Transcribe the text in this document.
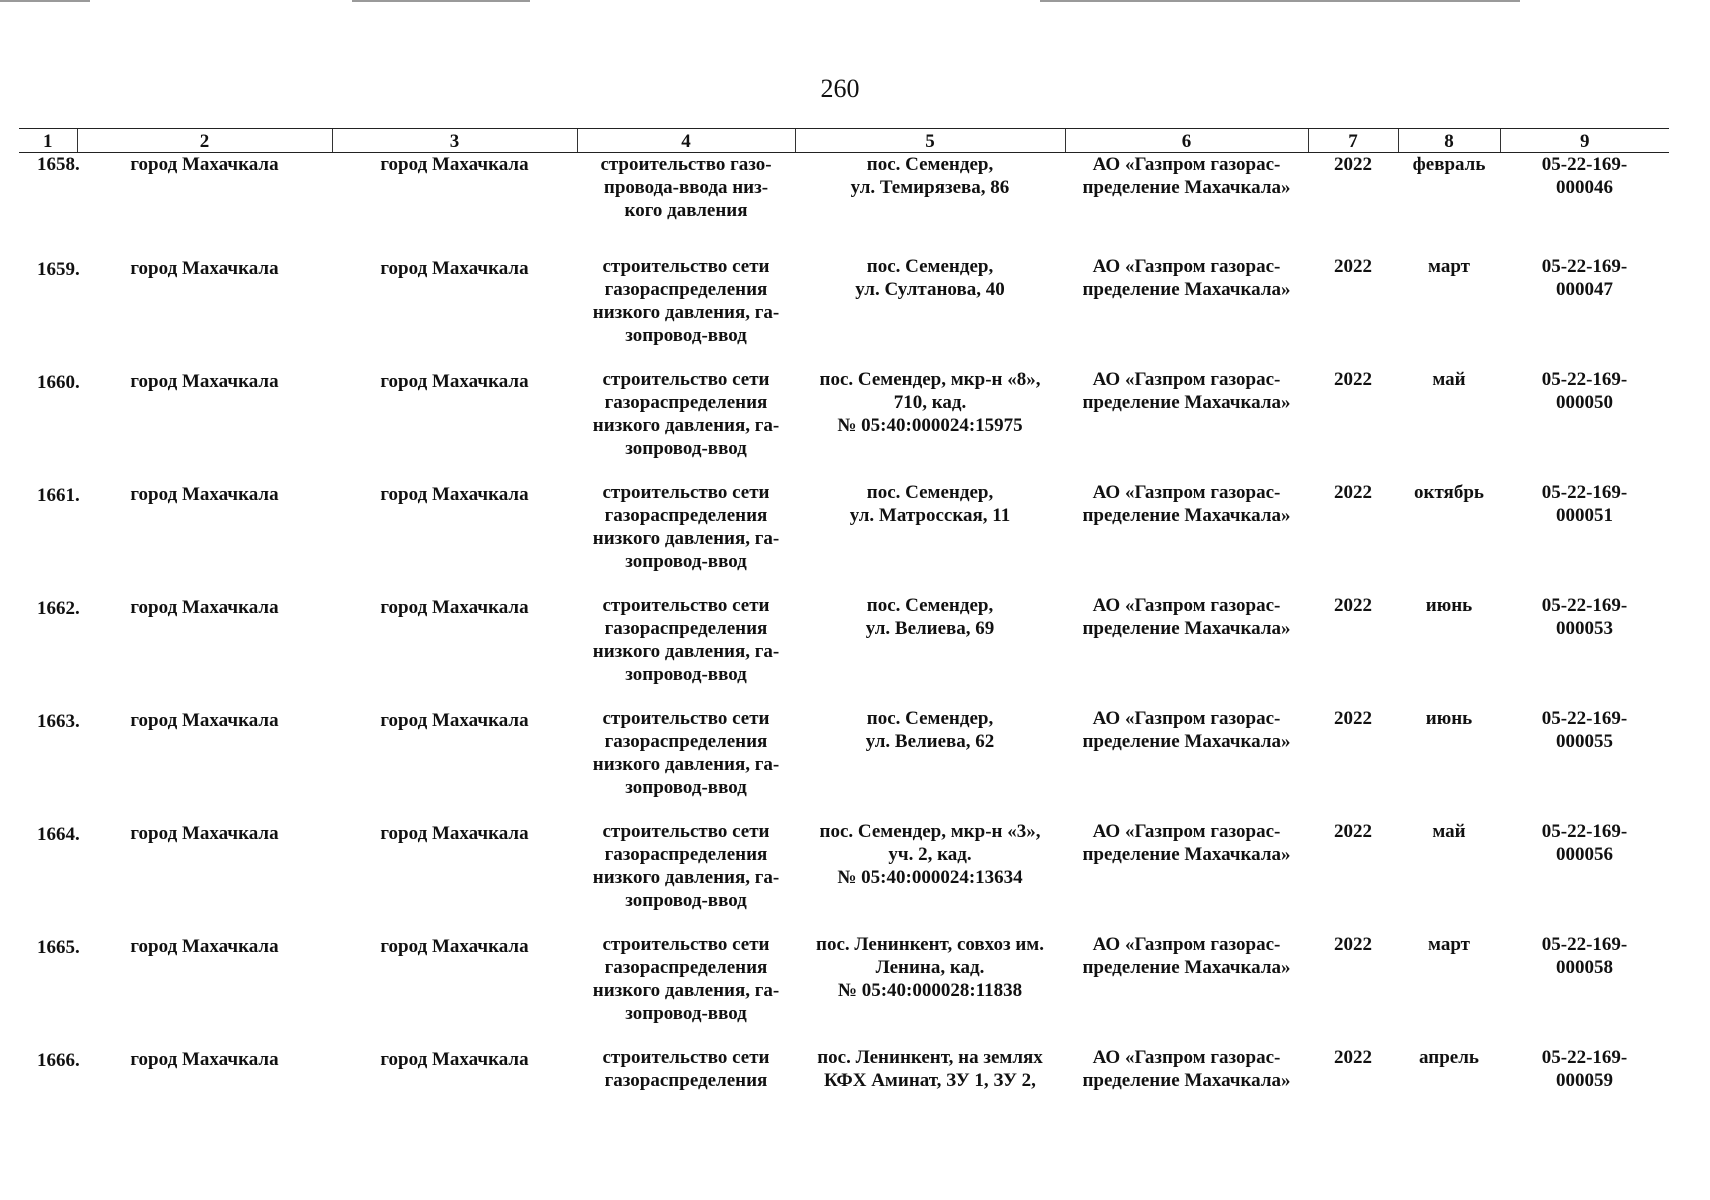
260
1	2	3	4	5	6	7	8	9
1658.	город Махачкала	город Махачкала	строительство газо-
провода-ввода низ-
кого давления	пос. Семендер,
ул. Темирязева, 86	АО «Газпром газорас-
пределение Махачкала»	2022	февраль	05-22-169-
000046
1659.	город Махачкала	город Махачкала	строительство сети
газораспределения
низкого давления, га-
зопровод-ввод	пос. Семендер,
ул. Султанова, 40	АО «Газпром газорас-
пределение Махачкала»	2022	март	05-22-169-
000047
1660.	город Махачкала	город Махачкала	строительство сети
газораспределения
низкого давления, га-
зопровод-ввод	пос. Семендер, мкр-н «8»,
710, кад.
№ 05:40:000024:15975	АО «Газпром газорас-
пределение Махачкала»	2022	май	05-22-169-
000050
1661.	город Махачкала	город Махачкала	строительство сети
газораспределения
низкого давления, га-
зопровод-ввод	пос. Семендер,
ул. Матросская, 11	АО «Газпром газорас-
пределение Махачкала»	2022	октябрь	05-22-169-
000051
1662.	город Махачкала	город Махачкала	строительство сети
газораспределения
низкого давления, га-
зопровод-ввод	пос. Семендер,
ул. Велиева, 69	АО «Газпром газорас-
пределение Махачкала»	2022	июнь	05-22-169-
000053
1663.	город Махачкала	город Махачкала	строительство сети
газораспределения
низкого давления, га-
зопровод-ввод	пос. Семендер,
ул. Велиева, 62	АО «Газпром газорас-
пределение Махачкала»	2022	июнь	05-22-169-
000055
1664.	город Махачкала	город Махачкала	строительство сети
газораспределения
низкого давления, га-
зопровод-ввод	пос. Семендер, мкр-н «3»,
уч. 2, кад.
№ 05:40:000024:13634	АО «Газпром газорас-
пределение Махачкала»	2022	май	05-22-169-
000056
1665.	город Махачкала	город Махачкала	строительство сети
газораспределения
низкого давления, га-
зопровод-ввод	пос. Ленинкент, совхоз им.
Ленина, кад.
№ 05:40:000028:11838	АО «Газпром газорас-
пределение Махачкала»	2022	март	05-22-169-
000058
1666.	город Махачкала	город Махачкала	строительство сети
газораспределения	пос. Ленинкент, на землях
КФХ Аминат, ЗУ 1, ЗУ 2,	АО «Газпром газорас-
пределение Махачкала»	2022	апрель	05-22-169-
000059
